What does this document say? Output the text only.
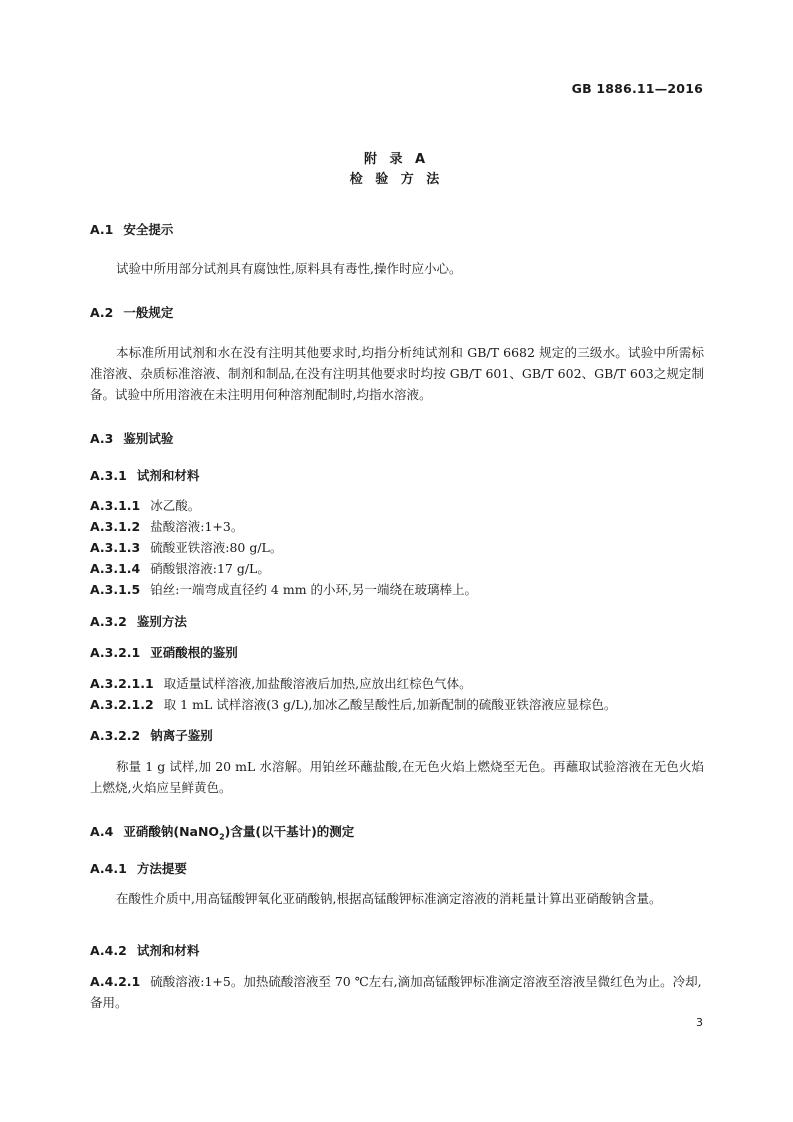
GB 1886.11—2016
附 录 A
检 验 方 法
A.1 安全提示
试验中所用部分试剂具有腐蚀性,原料具有毒性,操作时应小心。
A.2 一般规定
本标准所用试剂和水在没有注明其他要求时,均指分析纯试剂和 GB/T 6682 规定的三级水。试验中所需标准溶液、杂质标准溶液、制剂和制品,在没有注明其他要求时均按 GB/T 601、GB/T 602、GB/T 603之规定制备。试验中所用溶液在未注明用何种溶剂配制时,均指水溶液。
A.3 鉴别试验
A.3.1 试剂和材料
A.3.1.1 冰乙酸。
A.3.1.2 盐酸溶液:1+3。
A.3.1.3 硫酸亚铁溶液:80 g/L。
A.3.1.4 硝酸银溶液:17 g/L。
A.3.1.5 铂丝:一端弯成直径约 4 mm 的小环,另一端绕在玻璃棒上。
A.3.2 鉴别方法
A.3.2.1 亚硝酸根的鉴别
A.3.2.1.1 取适量试样溶液,加盐酸溶液后加热,应放出红棕色气体。
A.3.2.1.2 取 1 mL 试样溶液(3 g/L),加冰乙酸呈酸性后,加新配制的硫酸亚铁溶液应显棕色。
A.3.2.2 钠离子鉴别
称量 1 g 试样,加 20 mL 水溶解。用铂丝环蘸盐酸,在无色火焰上燃烧至无色。再蘸取试验溶液在无色火焰上燃烧,火焰应呈鲜黄色。
A.4 亚硝酸钠(NaNO$_2$)含量(以干基计)的测定
A.4.1 方法提要
在酸性介质中,用高锰酸钾氧化亚硝酸钠,根据高锰酸钾标准滴定溶液的消耗量计算出亚硝酸钠含量。
A.4.2 试剂和材料
A.4.2.1 硫酸溶液:1+5。加热硫酸溶液至 70 ℃左右,滴加高锰酸钾标准滴定溶液至溶液呈微红色为止。冷却,备用。
3
